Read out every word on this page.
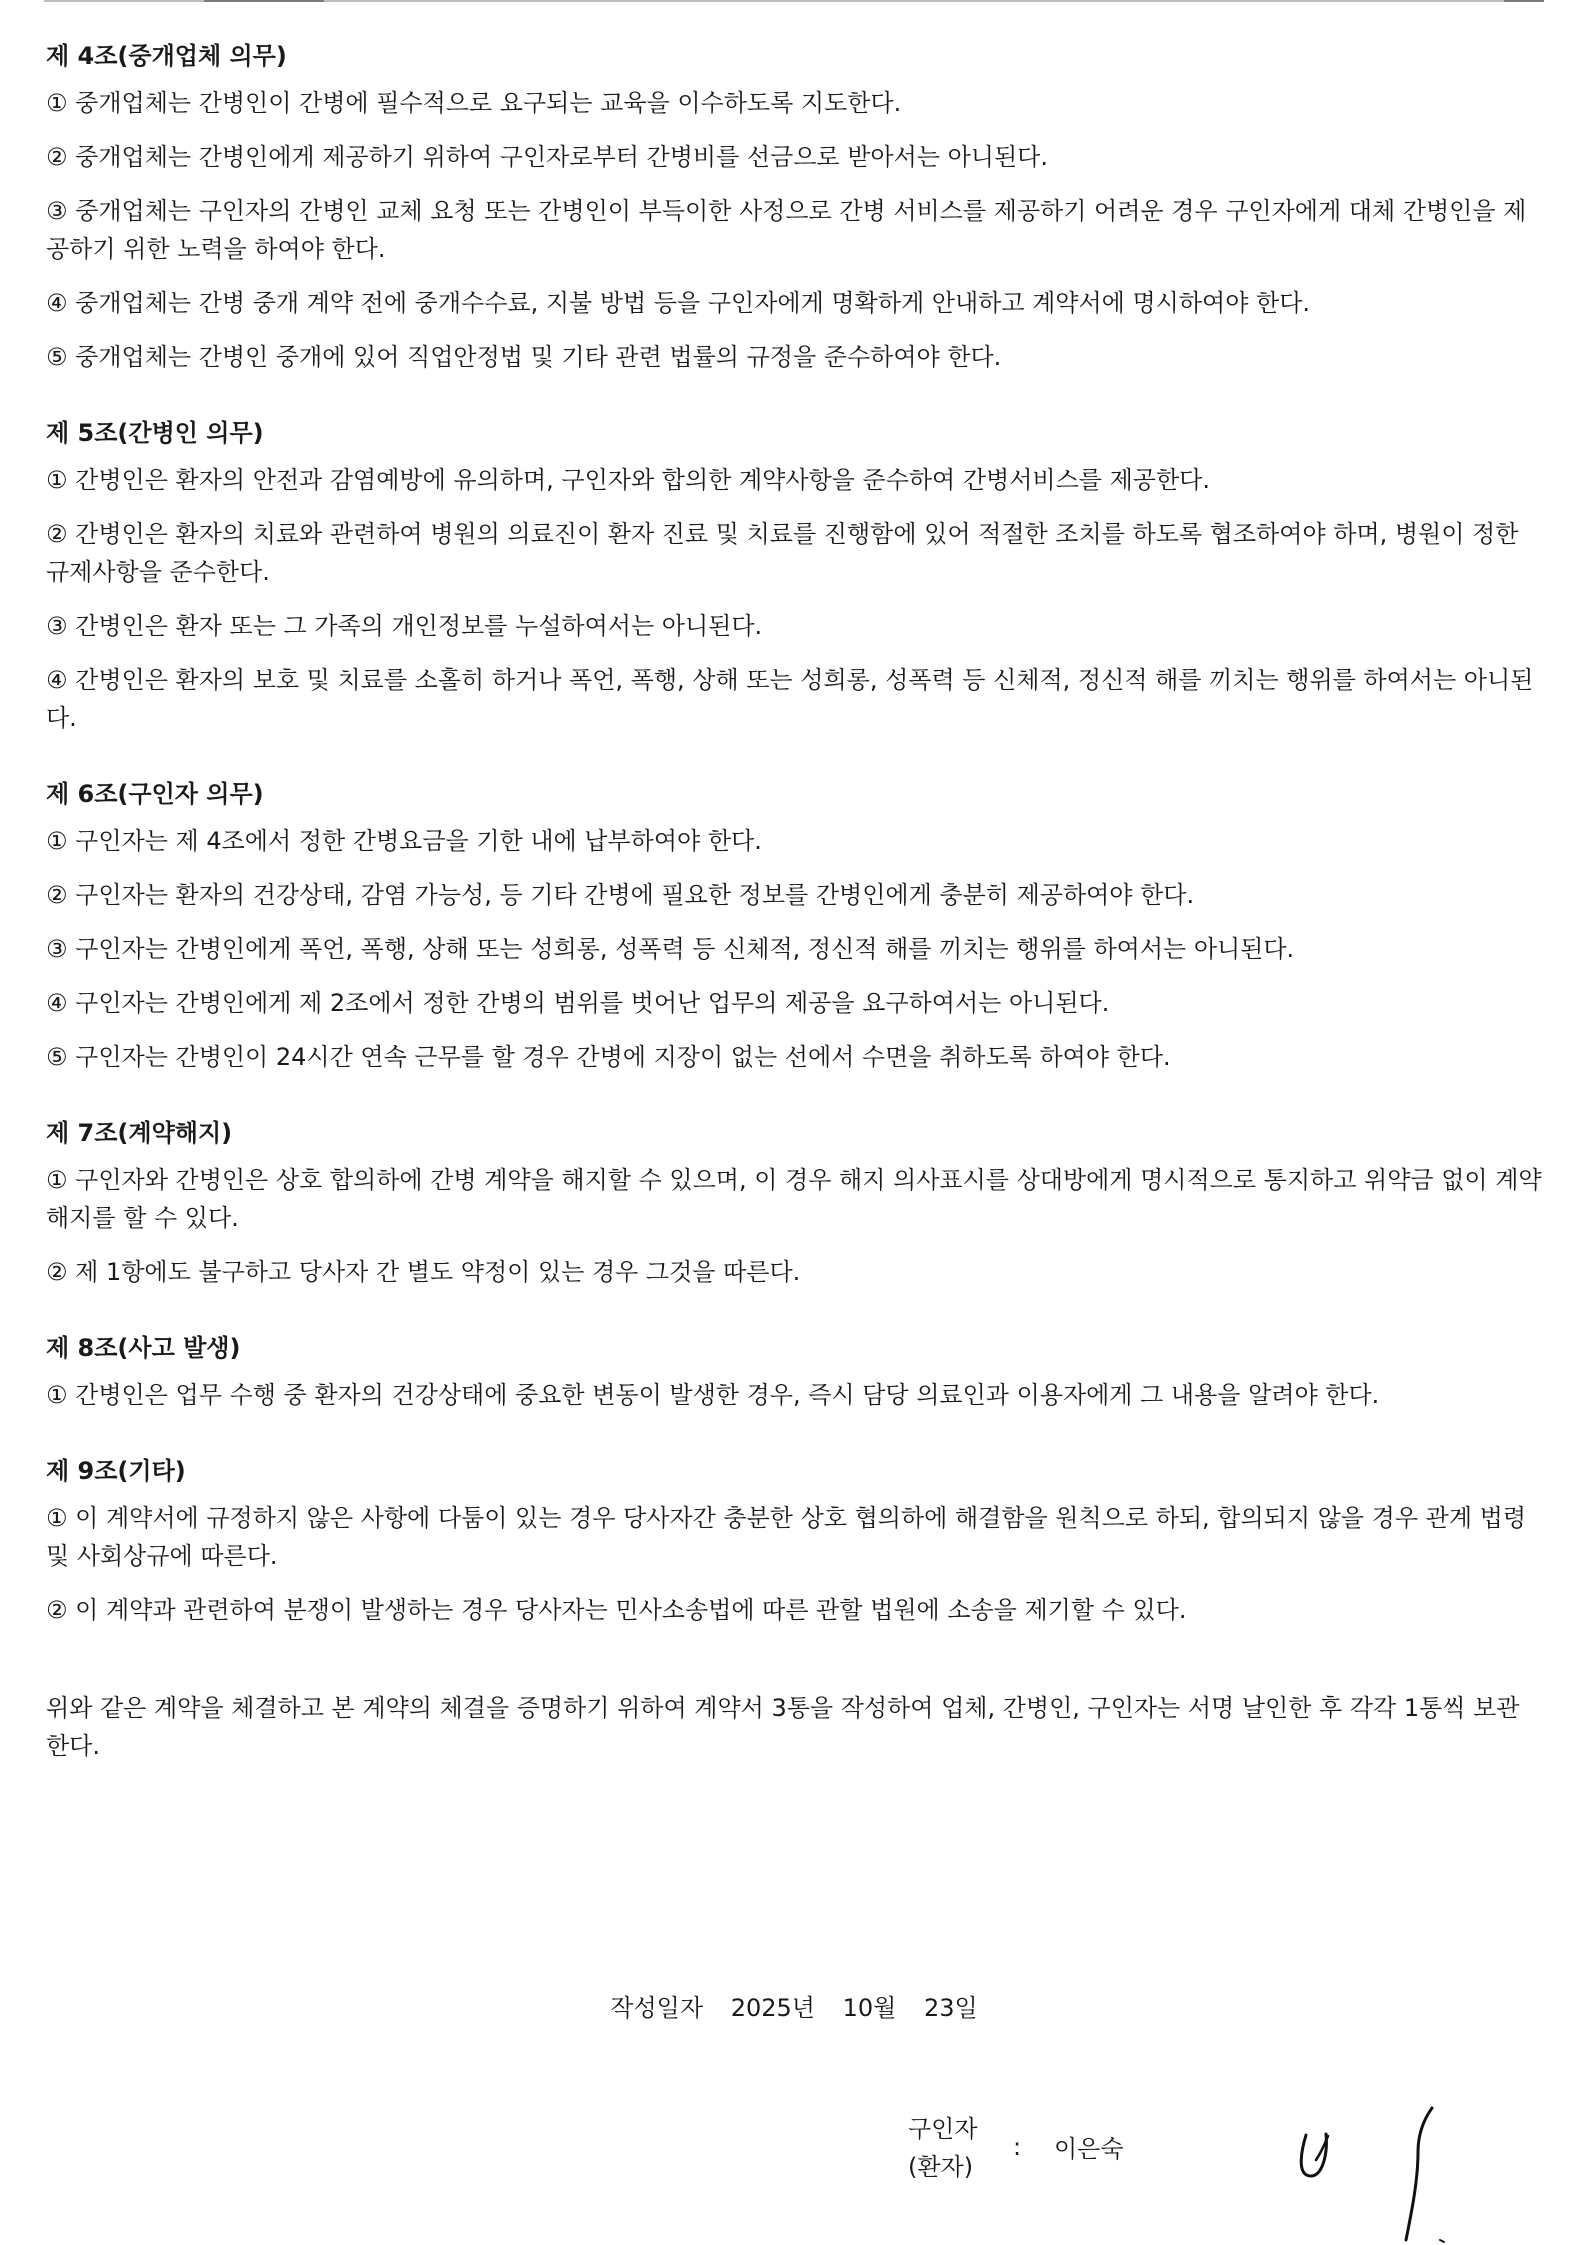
제 4조(중개업체 의무)

① 중개업체는 간병인이 간병에 필수적으로 요구되는 교육을 이수하도록 지도한다.

② 중개업체는 간병인에게 제공하기 위하여 구인자로부터 간병비를 선금으로 받아서는 아니된다.

③ 중개업체는 구인자의 간병인 교체 요청 또는 간병인이 부득이한 사정으로 간병 서비스를 제공하기 어려운 경우 구인자에게 대체 간병인을 제공하기 위한 노력을 하여야 한다.

④ 중개업체는 간병 중개 계약 전에 중개수수료, 지불 방법 등을 구인자에게 명확하게 안내하고 계약서에 명시하여야 한다.

⑤ 중개업체는 간병인 중개에 있어 직업안정법 및 기타 관련 법률의 규정을 준수하여야 한다.

제 5조(간병인 의무)

① 간병인은 환자의 안전과 감염예방에 유의하며, 구인자와 합의한 계약사항을 준수하여 간병서비스를 제공한다.

② 간병인은 환자의 치료와 관련하여 병원의 의료진이 환자 진료 및 치료를 진행함에 있어 적절한 조치를 하도록 협조하여야 하며, 병원이 정한 규제사항을 준수한다.

③ 간병인은 환자 또는 그 가족의 개인정보를 누설하여서는 아니된다.

④ 간병인은 환자의 보호 및 치료를 소홀히 하거나 폭언, 폭행, 상해 또는 성희롱, 성폭력 등 신체적, 정신적 해를 끼치는 행위를 하여서는 아니된다.

제 6조(구인자 의무)

① 구인자는 제 4조에서 정한 간병요금을 기한 내에 납부하여야 한다.

② 구인자는 환자의 건강상태, 감염 가능성, 등 기타 간병에 필요한 정보를 간병인에게 충분히 제공하여야 한다.

③ 구인자는 간병인에게 폭언, 폭행, 상해 또는 성희롱, 성폭력 등 신체적, 정신적 해를 끼치는 행위를 하여서는 아니된다.

④ 구인자는 간병인에게 제 2조에서 정한 간병의 범위를 벗어난 업무의 제공을 요구하여서는 아니된다.

⑤ 구인자는 간병인이 24시간 연속 근무를 할 경우 간병에 지장이 없는 선에서 수면을 취하도록 하여야 한다.

제 7조(계약해지)

① 구인자와 간병인은 상호 합의하에 간병 계약을 해지할 수 있으며, 이 경우 해지 의사표시를 상대방에게 명시적으로 통지하고 위약금 없이 계약해지를 할 수 있다.

② 제 1항에도 불구하고 당사자 간 별도 약정이 있는 경우 그것을 따른다.

제 8조(사고 발생)

① 간병인은 업무 수행 중 환자의 건강상태에 중요한 변동이 발생한 경우, 즉시 담당 의료인과 이용자에게 그 내용을 알려야 한다.

제 9조(기타)

① 이 계약서에 규정하지 않은 사항에 다툼이 있는 경우 당사자간 충분한 상호 협의하에 해결함을 원칙으로 하되, 합의되지 않을 경우 관계 법령 및 사회상규에 따른다.

② 이 계약과 관련하여 분쟁이 발생하는 경우 당사자는 민사소송법에 따른 관할 법원에 소송을 제기할 수 있다.

위와 같은 계약을 체결하고 본 계약의 체결을 증명하기 위하여 계약서 3통을 작성하여 업체, 간병인, 구인자는 서명 날인한 후 각각 1통씩 보관한다.

작성일자 2025년 10월 23일
구인자
(환자)
: 이은숙
